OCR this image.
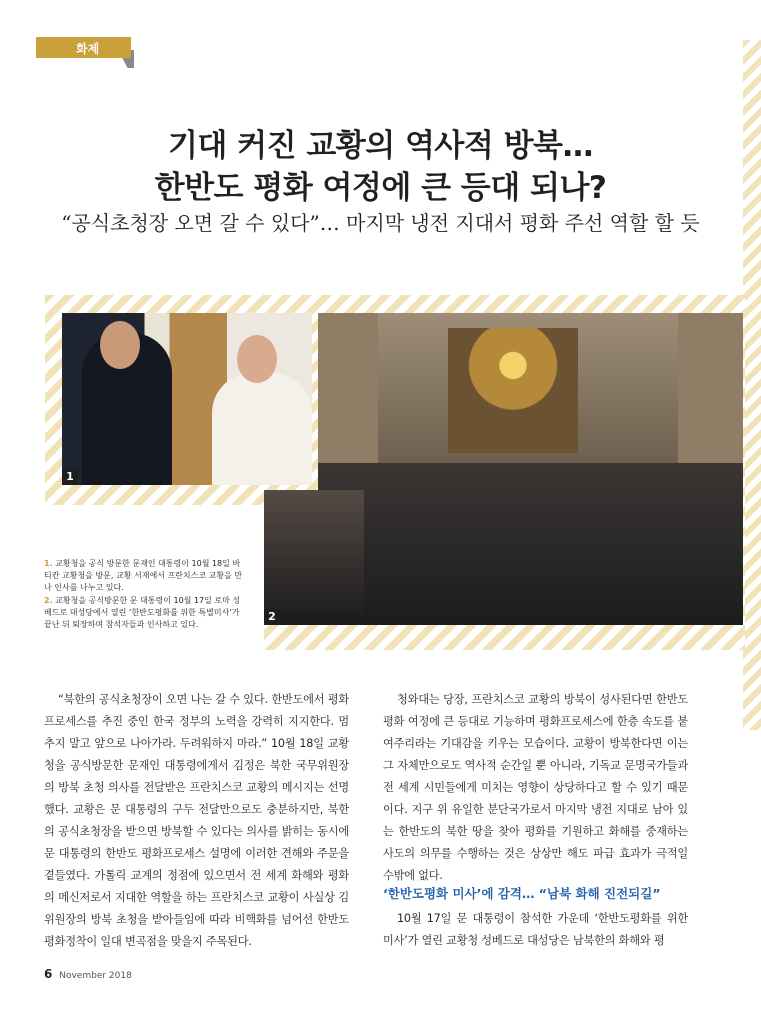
화제
기대 커진 교황의 역사적 방북…
한반도 평화 여정에 큰 등대 되나?
“공식초청장 오면 갈 수 있다”… 마지막 냉전 지대서 평화 주선 역할 할 듯
1
2
1. 교황청을 공식 방문한 문재인 대통령이 10월 18일 바티칸 교황청을 방문, 교황 서재에서 프란치스코 교황을 만나 인사를 나누고 있다.
2. 교황청을 공식방문한 문 대통령이 10월 17일 로마 성 베드로 대성당에서 열린 ‘한반도평화를 위한 특별미사’가 끝난 뒤 퇴장하며 참석자들과 인사하고 있다.

“북한의 공식초청장이 오면 나는 갈 수 있다. 한반도에서 평화프로세스를 추진 중인 한국 정부의 노력을 강력히 지지한다. 멈추지 말고 앞으로 나아가라. 두려워하지 마라.” 10월 18일 교황청을 공식방문한 문재인 대통령에게서 김정은 북한 국무위원장의 방북 초청 의사를 전달받은 프란치스코 교황의 메시지는 선명했다. 교황은 문 대통령의 구두 전달만으로도 충분하지만, 북한의 공식초청장을 받으면 방북할 수 있다는 의사를 밝히는 동시에 문 대통령의 한반도 평화프로세스 설명에 이러한 견해와 주문을 곁들였다. 가톨릭 교계의 정점에 있으면서 전 세계 화해와 평화의 메신저로서 지대한 역할을 하는 프란치스코 교황이 사실상 김 위원장의 방북 초청을 받아들임에 따라 비핵화를 넘어선 한반도 평화정착이 일대 변곡점을 맞을지 주목된다.

청와대는 당장, 프란치스코 교황의 방북이 성사된다면 한반도 평화 여정에 큰 등대로 기능하며 평화프로세스에 한층 속도를 붙여주리라는 기대감을 키우는 모습이다. 교황이 방북한다면 이는 그 자체만으로도 역사적 순간일 뿐 아니라, 기독교 문명국가들과 전 세계 시민들에게 미치는 영향이 상당하다고 할 수 있기 때문이다. 지구 위 유일한 분단국가로서 마지막 냉전 지대로 남아 있는 한반도의 북한 땅을 찾아 평화를 기원하고 화해를 중재하는 사도의 의무를 수행하는 것은 상상만 해도 파급 효과가 극적일 수밖에 없다.

‘한반도평화 미사’에 감격… “남북 화해 진전되길”

10월 17일 문 대통령이 참석한 가운데 ‘한반도평화를 위한 미사’가 열린 교황청 성베드로 대성당은 남북한의 화해와 평

6 November 2018
